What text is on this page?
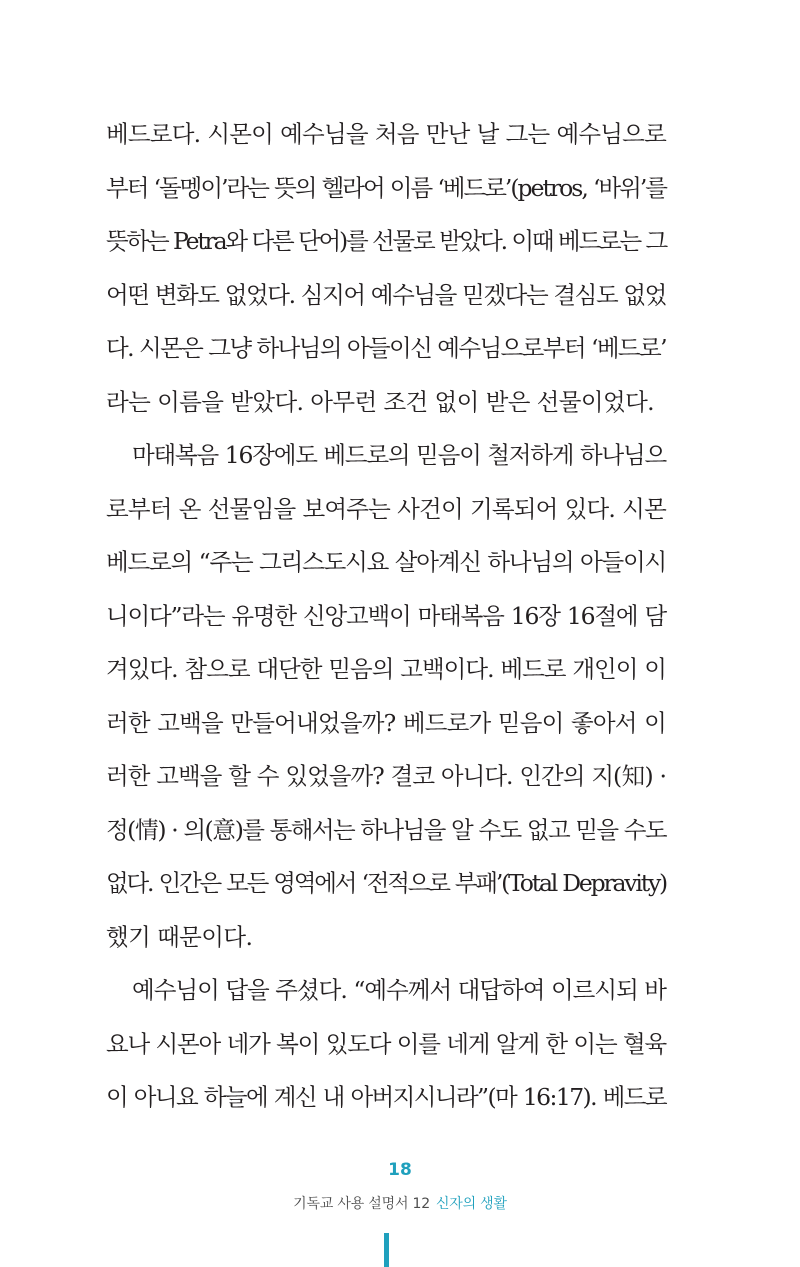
베드로다. 시몬이 예수님을 처음 만난 날 그는 예수님으로
부터 ‘돌멩이’라는 뜻의 헬라어 이름 ‘베드로’(petros, ‘바위’를
뜻하는 Petra와 다른 단어)를 선물로 받았다. 이때 베드로는 그
어떤 변화도 없었다. 심지어 예수님을 믿겠다는 결심도 없었
다. 시몬은 그냥 하나님의 아들이신 예수님으로부터 ‘베드로’
라는 이름을 받았다. 아무런 조건 없이 받은 선물이었다.
마태복음 16장에도 베드로의 믿음이 철저하게 하나님으
로부터 온 선물임을 보여주는 사건이 기록되어 있다. 시몬
베드로의 “주는 그리스도시요 살아계신 하나님의 아들이시
니이다”라는 유명한 신앙고백이 마태복음 16장 16절에 담
겨있다. 참으로 대단한 믿음의 고백이다. 베드로 개인이 이
러한 고백을 만들어내었을까? 베드로가 믿음이 좋아서 이
러한 고백을 할 수 있었을까? 결코 아니다. 인간의 지(知) ·
정(情) · 의(意)를 통해서는 하나님을 알 수도 없고 믿을 수도
없다. 인간은 모든 영역에서 ‘전적으로 부패’(Total Depravity)
했기 때문이다.
예수님이 답을 주셨다. “예수께서 대답하여 이르시되 바
요나 시몬아 네가 복이 있도다 이를 네게 알게 한 이는 혈육
이 아니요 하늘에 계신 내 아버지시니라”(마 16:17). 베드로
18
기독교 사용 설명서 12 신자의 생활
